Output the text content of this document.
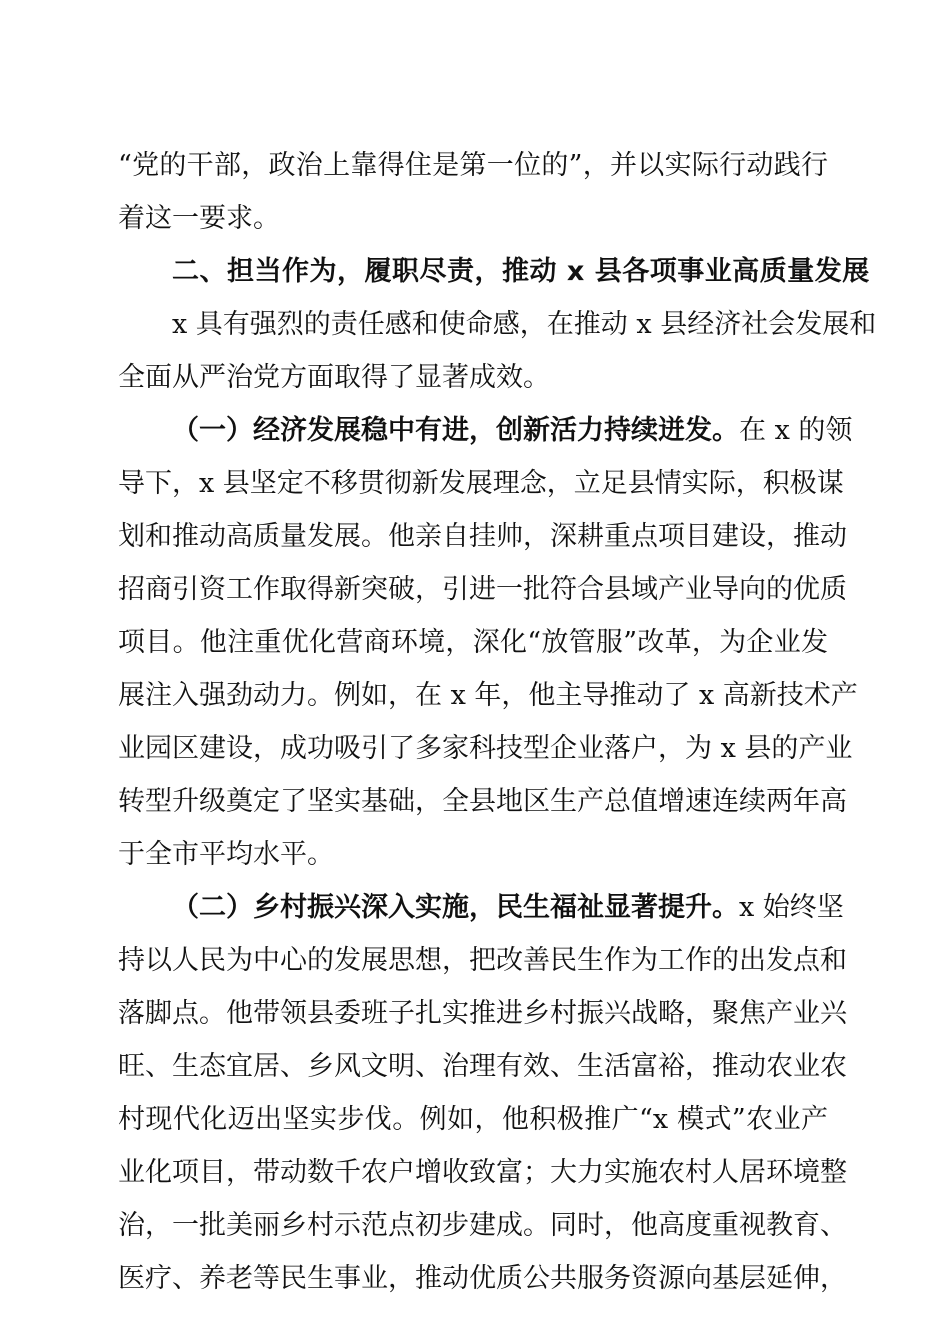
“党的干部，政治上靠得住是第一位的”，并以实际行动践行
着这一要求。
二、担当作为，履职尽责，推动 x 县各项事业高质量发展
x 具有强烈的责任感和使命感，在推动 x 县经济社会发展和
全面从严治党方面取得了显著成效。
（一）经济发展稳中有进，创新活力持续迸发。在 x 的领
导下，x 县坚定不移贯彻新发展理念，立足县情实际，积极谋
划和推动高质量发展。他亲自挂帅，深耕重点项目建设，推动
招商引资工作取得新突破，引进一批符合县域产业导向的优质
项目。他注重优化营商环境，深化“放管服”改革，为企业发
展注入强劲动力。例如，在 x 年，他主导推动了 x 高新技术产
业园区建设，成功吸引了多家科技型企业落户，为 x 县的产业
转型升级奠定了坚实基础，全县地区生产总值增速连续两年高
于全市平均水平。
（二）乡村振兴深入实施，民生福祉显著提升。x 始终坚
持以人民为中心的发展思想，把改善民生作为工作的出发点和
落脚点。他带领县委班子扎实推进乡村振兴战略，聚焦产业兴
旺、生态宜居、乡风文明、治理有效、生活富裕，推动农业农
村现代化迈出坚实步伐。例如，他积极推广“x 模式”农业产
业化项目，带动数千农户增收致富；大力实施农村人居环境整
治，一批美丽乡村示范点初步建成。同时，他高度重视教育、
医疗、养老等民生事业，推动优质公共服务资源向基层延伸，
